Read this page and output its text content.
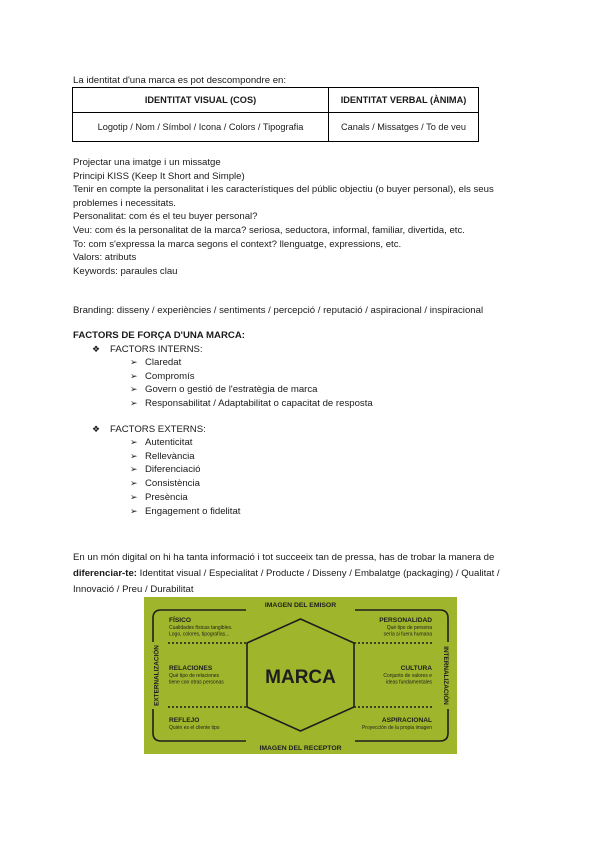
La identitat d'una marca es pot descompondre en:
IDENTITAT VISUAL (COS)	IDENTITAT VERBAL (ÀNIMA)
Logotip / Nom / Símbol / Icona / Colors / Tipografia	Canals / Missatges / To de veu
Projectar una imatge i un missatge
Principi KISS (Keep It Short and Simple)
Tenir en compte la personalitat i les característiques del públic objectiu (o buyer personal), els seus
problemes i necessitats.
Personalitat: com és el teu buyer personal?
Veu: com és la personalitat de la marca? seriosa, seductora, informal, familiar, divertida, etc.
To: com s'expressa la marca segons el context? llenguatge, expressions, etc.
Valors: atributs
Keywords: paraules clau
Branding: disseny / experiències / sentiments / percepció / reputació / aspiracional / inspiracional
FACTORS DE FORÇA D'UNA MARCA:
❖	FACTORS INTERNS:
➢ Claredat
➢ Compromís
➢ Govern o gestió de l'estratègia de marca
➢ Responsabilitat / Adaptabilitat o capacitat de resposta
❖	FACTORS EXTERNS:
➢ Autenticitat
➢ Rellevància
➢ Diferenciació
➢ Consistència
➢ Presència
➢ Engagement o fidelitat
En un món digital on hi ha tanta informació i tot succeeix tan de pressa, has de trobar la manera de
diferenciar-te: Identitat visual / Especialitat / Producte / Disseny / Embalatge (packaging) / Qualitat /
Innovació / Preu / Durabilitat
IMAGEN DEL EMISOR
IMAGEN DEL RECEPTOR
EXTERNALIZACIÓN	INTERNALIZACIÓN
MARCA
FÍSICO
Cualidades físicas tangibles.
Logo, colores, tipografías...
RELACIONES
Qué tipo de relaciones
tiene con otras personas
REFLEJO
Quién es el cliente tipo
PERSONALIDAD
Qué tipo de persona
sería si fuera humana
CULTURA
Conjunto de valores e
ideas fundamentales
ASPIRACIONAL
Proyección de la propia imagen
